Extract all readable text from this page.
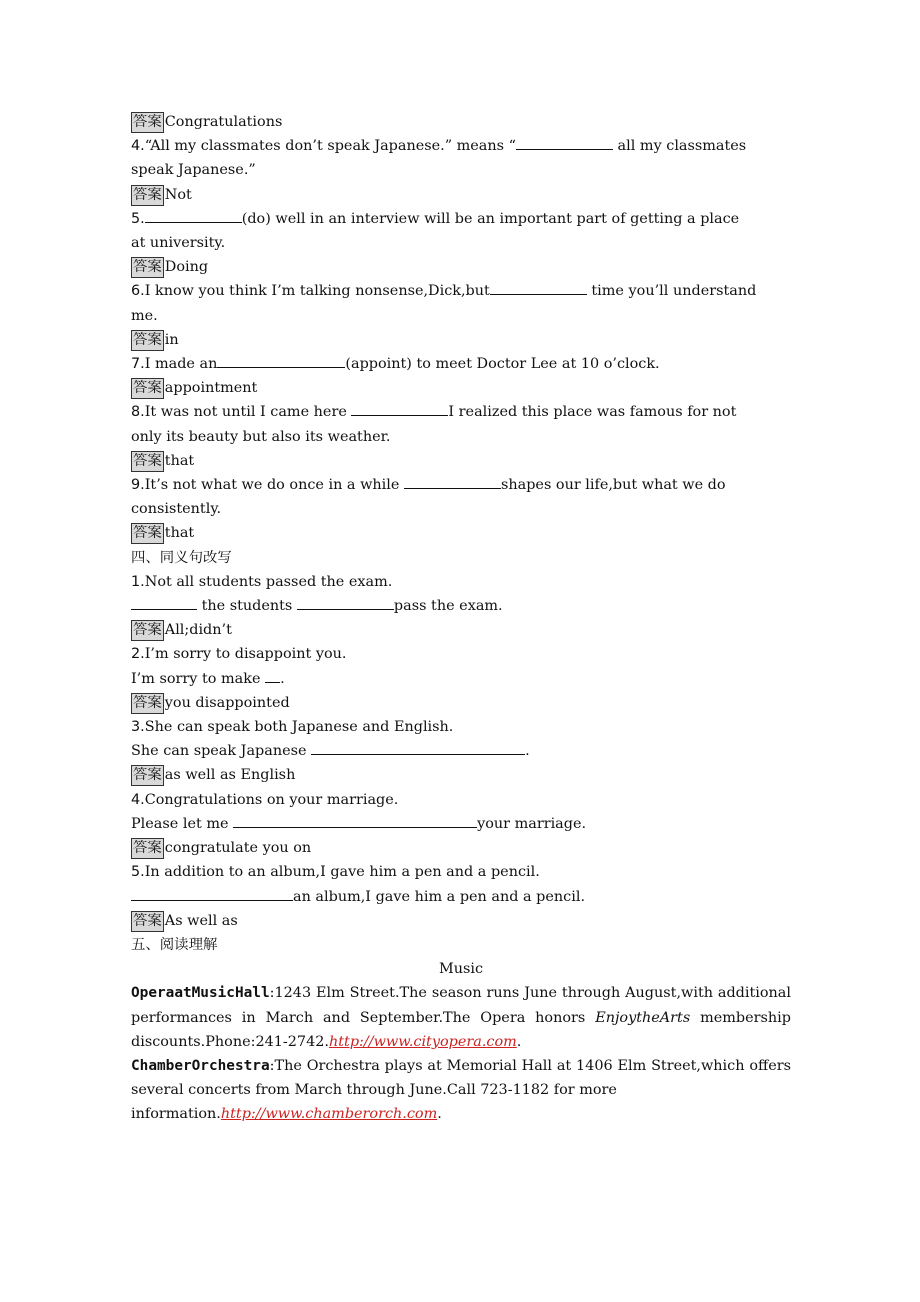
答案 Congratulations
4.“All my classmates don’t speak Japanese.” means “	all my classmates
speak Japanese.”
答案 Not
5.	(do) well in an interview will be an important part of getting a place
at university.
答案 Doing
6.I know you think I’m talking nonsense,Dick,but	time you’ll understand
me.
答案 in
7.I made an	(appoint) to meet Doctor Lee at 10 o’clock.
答案 appointment
8.It was not until I came here	I realized this place was famous for not
only its beauty but also its weather.
答案 that
9.It’s not what we do once in a while	shapes our life,but what we do
consistently.
答案 that
四、同义句改写
1.Not all students passed the exam.
the students	pass the exam.
答案 All;didn’t
2.I’m sorry to disappoint you.
I’m sorry to make .
答案 you disappointed
3.She can speak both Japanese and English.
She can speak Japanese	.
答案 as well as English
4.Congratulations on your marriage.
Please let me	your marriage.
答案 congratulate you on
5.In addition to an album,I gave him a pen and a pencil.
an album,I gave him a pen and a pencil.
答案 As well as
五、阅读理解
Music
OperaatMusicHall:1243 Elm Street.The season runs June through August,with additional performances in March and September.The Opera honors EnjoytheArts membership discounts.Phone:241-2742.http://www.cityopera.com.
ChamberOrchestra:The Orchestra plays at Memorial Hall at 1406 Elm Street,which offers several concerts from March through June.Call 723-1182 for more
information.http://www.chamberorch.com.
